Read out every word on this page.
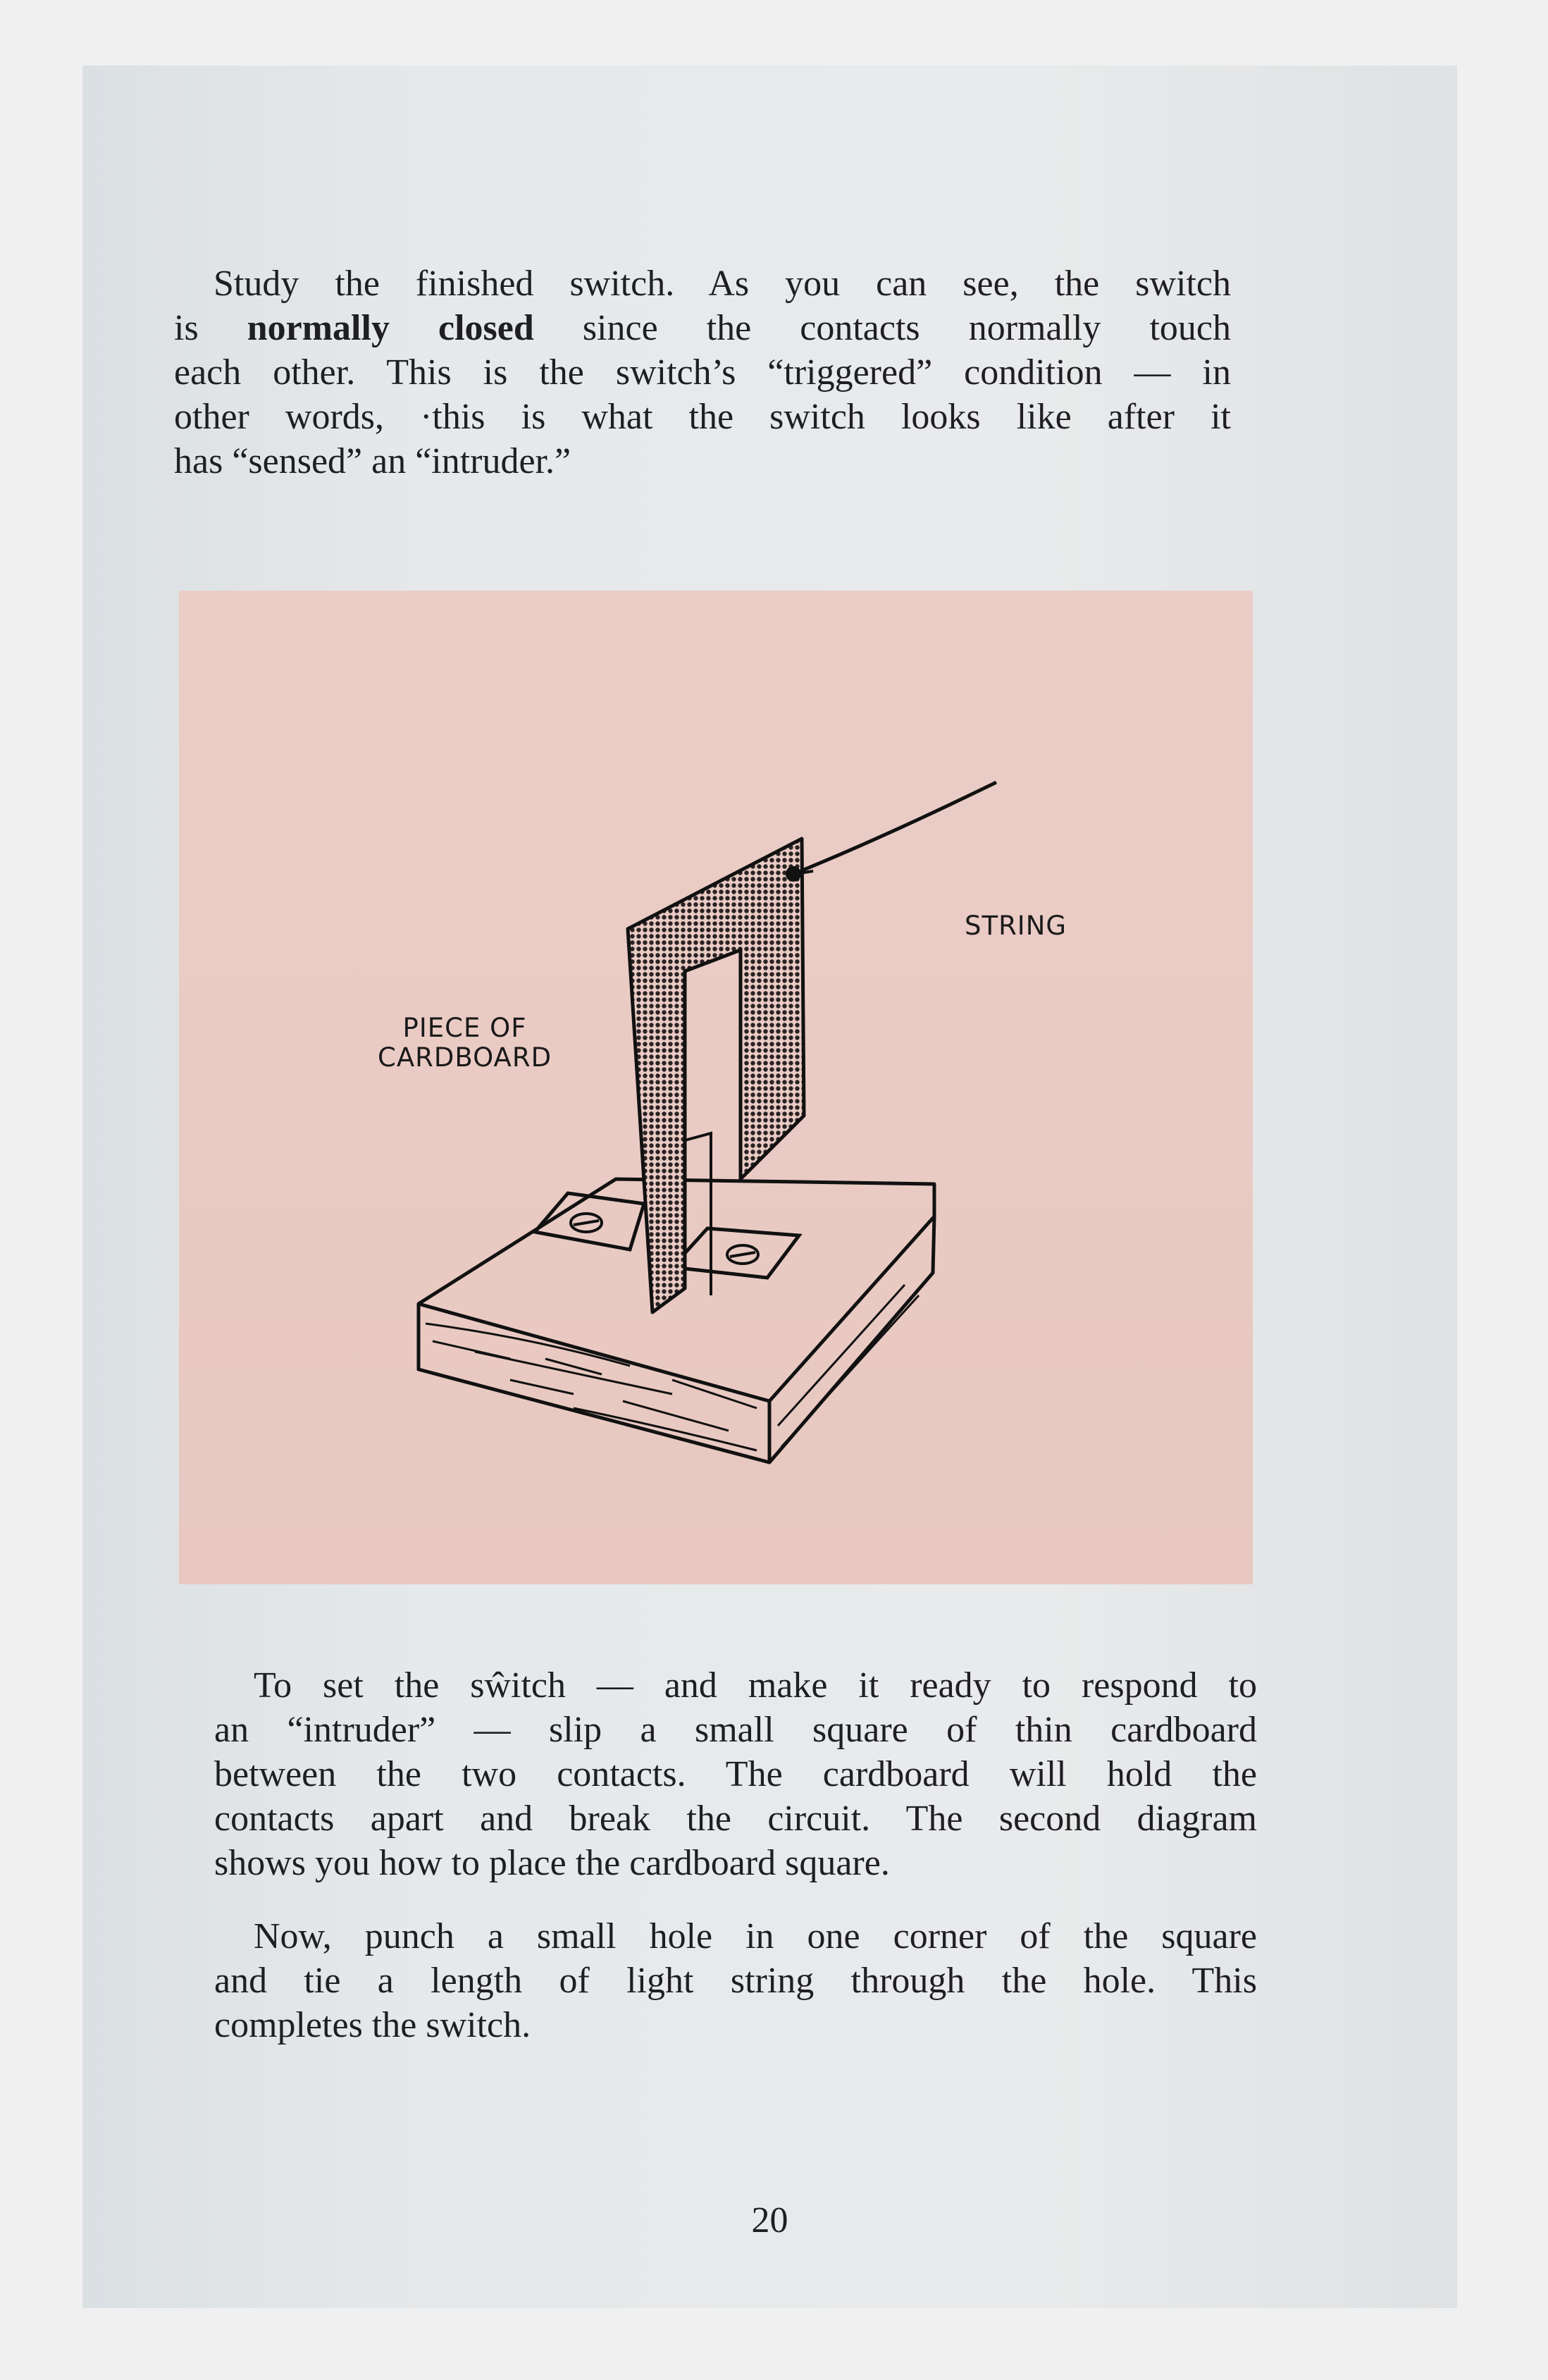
Study the finished switch. As you can see, the switch
is normally closed since the contacts normally touch
each other. This is the switch’s “triggered” condition — in
other words, ·this is what the switch looks like after it
has “sensed” an “intruder.”
STRING
PIECE OF
CARDBOARD
To set the sŵitch — and make it ready to respond to
an “intruder” — slip a small square of thin cardboard
between the two contacts. The cardboard will hold the
contacts apart and break the circuit. The second diagram
shows you how to place the cardboard square.
Now, punch a small hole in one corner of the square
and tie a length of light string through the hole. This
completes the switch.
20
